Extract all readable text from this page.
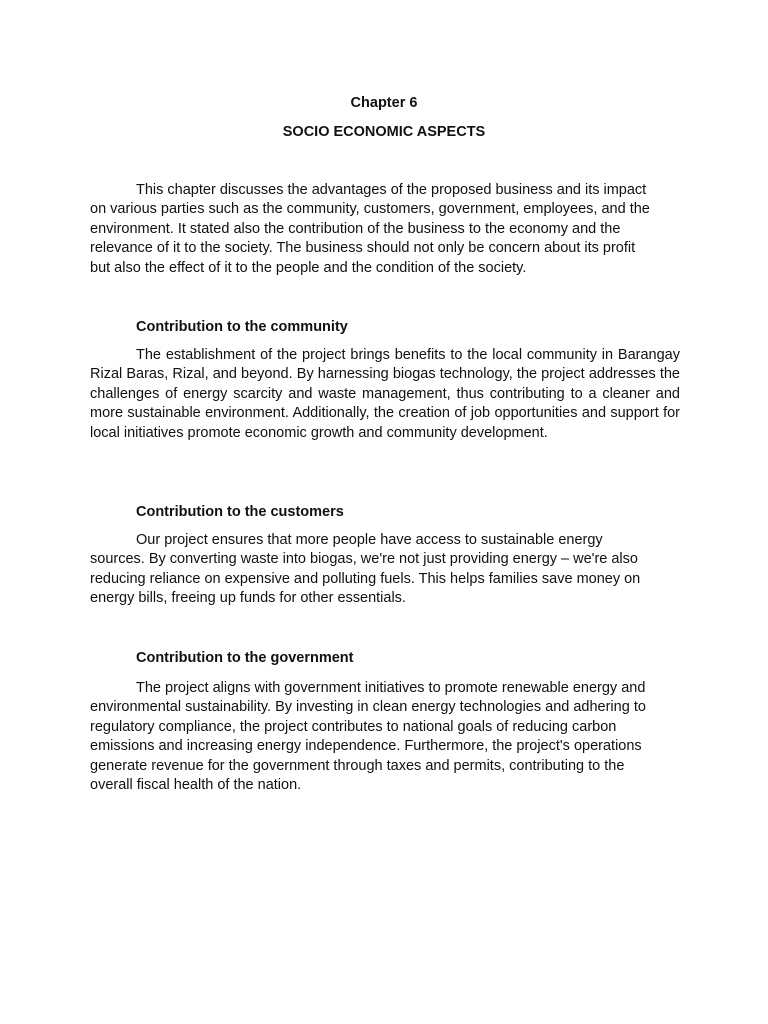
Chapter 6

SOCIO ECONOMIC ASPECTS

This chapter discusses the advantages of the proposed business and its impact
on various parties such as the community, customers, government, employees, and the
environment. It stated also the contribution of the business to the economy and the
relevance of it to the society. The business should not only be concern about its profit
but also the effect of it to the people and the condition of the society.

Contribution to the community

The establishment of the project brings benefits to the local community in Barangay Rizal Baras, Rizal, and beyond. By harnessing biogas technology, the project addresses the challenges of energy scarcity and waste management, thus contributing to a cleaner and more sustainable environment. Additionally, the creation of job opportunities and support for local initiatives promote economic growth and community development.

Contribution to the customers

Our project ensures that more people have access to sustainable energy
sources. By converting waste into biogas, we're not just providing energy – we're also
reducing reliance on expensive and polluting fuels. This helps families save money on
energy bills, freeing up funds for other essentials.

Contribution to the government

The project aligns with government initiatives to promote renewable energy and
environmental sustainability. By investing in clean energy technologies and adhering to
regulatory compliance, the project contributes to national goals of reducing carbon
emissions and increasing energy independence. Furthermore, the project's operations
generate revenue for the government through taxes and permits, contributing to the
overall fiscal health of the nation.
